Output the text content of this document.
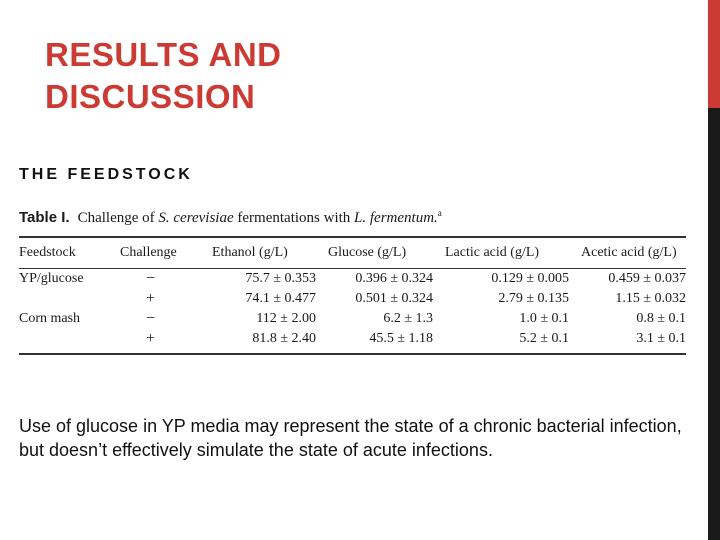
RESULTS AND DISCUSSION
THE FEEDSTOCK
Table I. Challenge of S. cerevisiae fermentations with L. fermentum.$^a$
Feedstock	Challenge	Ethanol (g/L)	Glucose (g/L)	Lactic acid (g/L)	Acetic acid (g/L)
YP/glucose	−	75.7 ± 0.353	0.396 ± 0.324	0.129 ± 0.005	0.459 ± 0.037
	+	74.1 ± 0.477	0.501 ± 0.324	2.79 ± 0.135	1.15 ± 0.032
Corn mash	−	112 ± 2.00	6.2 ± 1.3	1.0 ± 0.1	0.8 ± 0.1
	+	81.8 ± 2.40	45.5 ± 1.18	5.2 ± 0.1	3.1 ± 0.1

Use of glucose in YP media may represent the state of a chronic bacterial infection, but doesn’t effectively simulate the state of acute infections.
